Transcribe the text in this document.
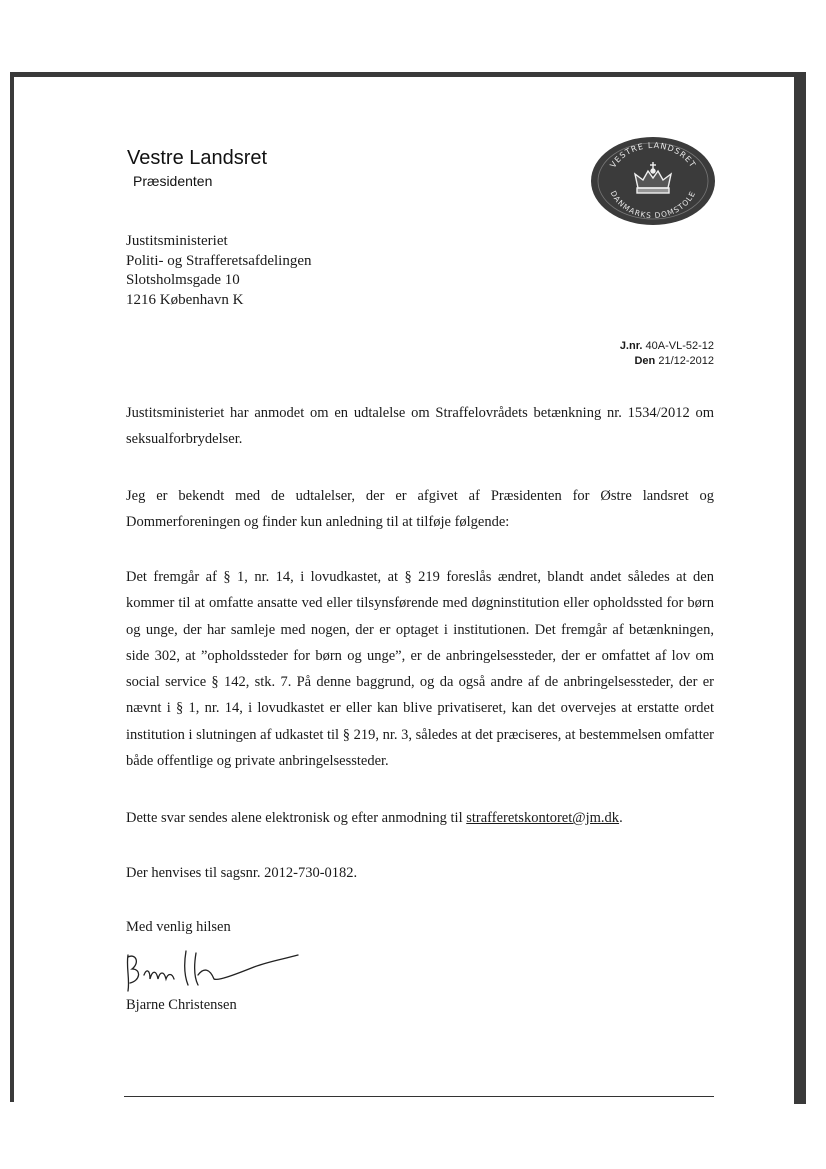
Vestre Landsret
Præsidenten
VESTRE LANDSRET
DANMARKS DOMSTOLE
Justitsministeriet
Politi- og Strafferetsafdelingen
Slotsholmsgade 10
1216 København K
J.nr. 40A-VL-52-12
Den 21/12-2012
Justitsministeriet har anmodet om en udtalelse om Straffelovrådets betænkning nr. 1534/2012 om seksualforbrydelser.
Jeg er bekendt med de udtalelser, der er afgivet af Præsidenten for Østre landsret og Dommerforeningen og finder kun anledning til at tilføje følgende:
Det fremgår af § 1, nr. 14, i lovudkastet, at § 219 foreslås ændret, blandt andet således at den kommer til at omfatte ansatte ved eller tilsynsførende med døgninstitution eller opholdssted for børn og unge, der har samleje med nogen, der er optaget i institutionen. Det fremgår af betænkningen, side 302, at ”opholdssteder for børn og unge”, er de anbringelsessteder, der er omfattet af lov om social service § 142, stk. 7. På denne baggrund, og da også andre af de anbringelsessteder, der er nævnt i § 1, nr. 14, i lovudkastet er eller kan blive privatiseret, kan det overvejes at erstatte ordet institution i slutningen af udkastet til § 219, nr. 3, således at det præciseres, at bestemmelsen omfatter både offentlige og private anbringelsessteder.
Dette svar sendes alene elektronisk og efter anmodning til strafferetskontoret@jm.dk.
Der henvises til sagsnr. 2012-730-0182.
Med venlig hilsen
Bjarne Christensen
